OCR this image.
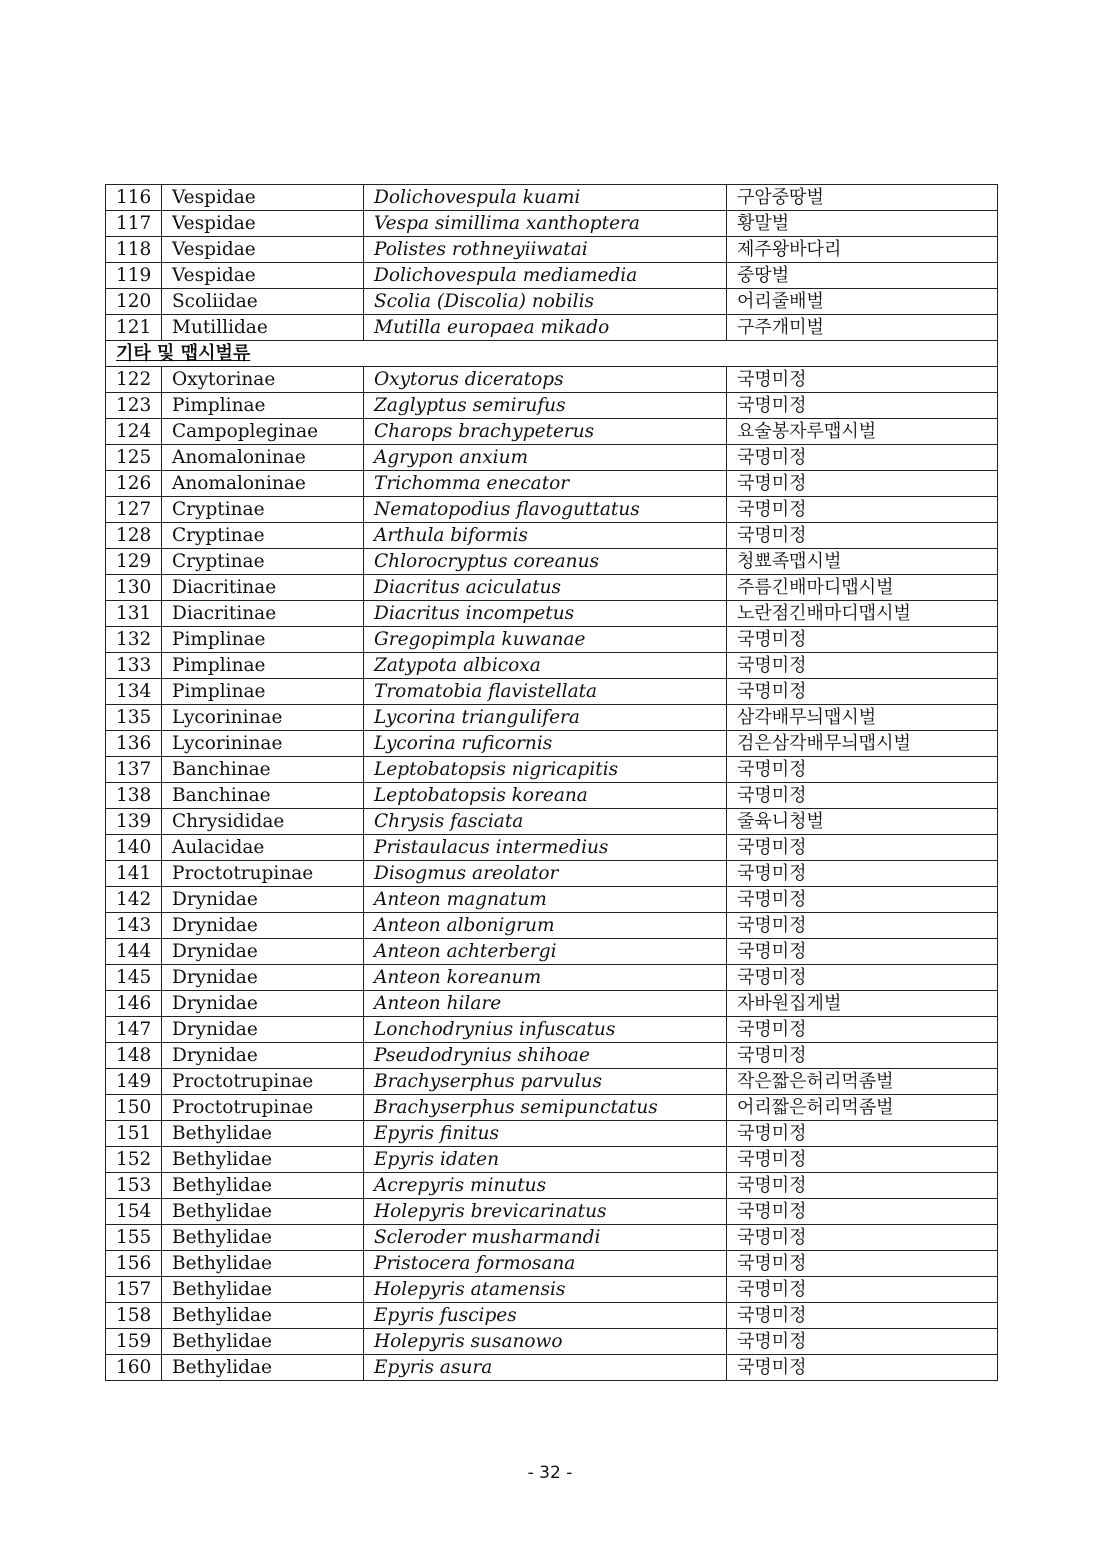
116	Vespidae	Dolichovespula kuami	구암중땅벌
117	Vespidae	Vespa simillima xanthoptera	황말벌
118	Vespidae	Polistes rothneyiiwatai	제주왕바다리
119	Vespidae	Dolichovespula mediamedia	중땅벌
120	Scoliidae	Scolia (Discolia) nobilis	어리줄배벌
121	Mutillidae	Mutilla europaea mikado	구주개미벌
기타 및 맵시벌류			
122	Oxytorinae	Oxytorus diceratops	국명미정
123	Pimplinae	Zaglyptus semirufus	국명미정
124	Campopleginae	Charops brachypeterus	요술봉자루맵시벌
125	Anomaloninae	Agrypon anxium	국명미정
126	Anomaloninae	Trichomma enecator	국명미정
127	Cryptinae	Nematopodius flavoguttatus	국명미정
128	Cryptinae	Arthula biformis	국명미정
129	Cryptinae	Chlorocryptus coreanus	청뾰족맵시벌
130	Diacritinae	Diacritus aciculatus	주름긴배마디맵시벌
131	Diacritinae	Diacritus incompetus	노란점긴배마디맵시벌
132	Pimplinae	Gregopimpla kuwanae	국명미정
133	Pimplinae	Zatypota albicoxa	국명미정
134	Pimplinae	Tromatobia flavistellata	국명미정
135	Lycorininae	Lycorina triangulifera	삼각배무늬맵시벌
136	Lycorininae	Lycorina ruficornis	검은삼각배무늬맵시벌
137	Banchinae	Leptobatopsis nigricapitis	국명미정
138	Banchinae	Leptobatopsis koreana	국명미정
139	Chrysididae	Chrysis fasciata	줄육니청벌
140	Aulacidae	Pristaulacus intermedius	국명미정
141	Proctotrupinae	Disogmus areolator	국명미정
142	Drynidae	Anteon magnatum	국명미정
143	Drynidae	Anteon albonigrum	국명미정
144	Drynidae	Anteon achterbergi	국명미정
145	Drynidae	Anteon koreanum	국명미정
146	Drynidae	Anteon hilare	자바원집게벌
147	Drynidae	Lonchodrynius infuscatus	국명미정
148	Drynidae	Pseudodrynius shihoae	국명미정
149	Proctotrupinae	Brachyserphus parvulus	작은짧은허리먹좀벌
150	Proctotrupinae	Brachyserphus semipunctatus	어리짧은허리먹좀벌
151	Bethylidae	Epyris finitus	국명미정
152	Bethylidae	Epyris idaten	국명미정
153	Bethylidae	Acrepyris minutus	국명미정
154	Bethylidae	Holepyris brevicarinatus	국명미정
155	Bethylidae	Scleroder musharmandi	국명미정
156	Bethylidae	Pristocera formosana	국명미정
157	Bethylidae	Holepyris atamensis	국명미정
158	Bethylidae	Epyris fuscipes	국명미정
159	Bethylidae	Holepyris susanowo	국명미정
160	Bethylidae	Epyris asura	국명미정
- 32 -
